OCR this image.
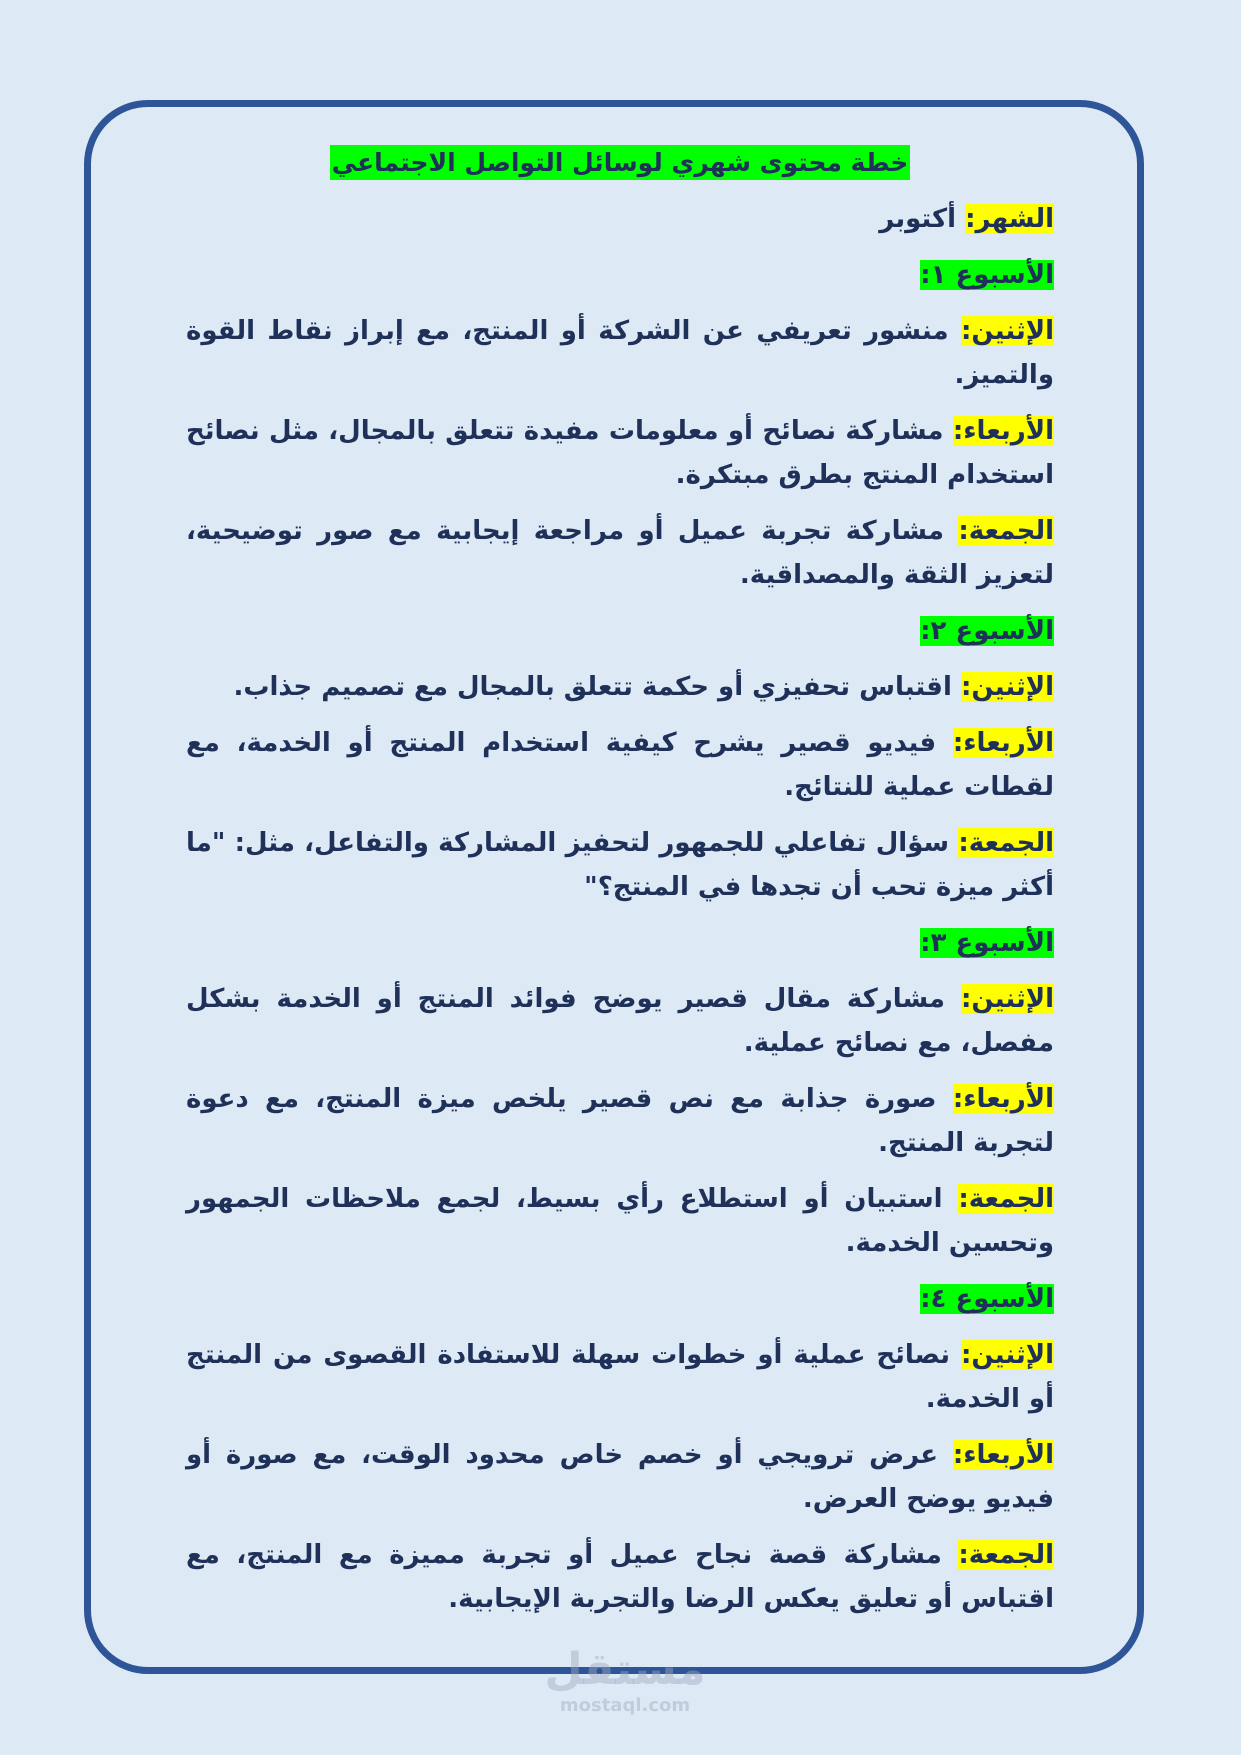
خطة محتوى شهري لوسائل التواصل الاجتماعي
الشهر: أكتوبر
الأسبوع ١:

الإثنين: منشور تعريفي عن الشركة أو المنتج، مع إبراز نقاط القوة والتميز.

الأربعاء: مشاركة نصائح أو معلومات مفيدة تتعلق بالمجال، مثل نصائح استخدام المنتج بطرق مبتكرة.

الجمعة: مشاركة تجربة عميل أو مراجعة إيجابية مع صور توضيحية، لتعزيز الثقة والمصداقية.

الأسبوع ٢:

الإثنين: اقتباس تحفيزي أو حكمة تتعلق بالمجال مع تصميم جذاب.

الأربعاء: فيديو قصير يشرح كيفية استخدام المنتج أو الخدمة، مع لقطات عملية للنتائج.

الجمعة: سؤال تفاعلي للجمهور لتحفيز المشاركة والتفاعل، مثل: "ما أكثر ميزة تحب أن تجدها في المنتج؟"

الأسبوع ٣:

الإثنين: مشاركة مقال قصير يوضح فوائد المنتج أو الخدمة بشكل مفصل، مع نصائح عملية.

الأربعاء: صورة جذابة مع نص قصير يلخص ميزة المنتج، مع دعوة لتجربة المنتج.

الجمعة: استبيان أو استطلاع رأي بسيط، لجمع ملاحظات الجمهور وتحسين الخدمة.

الأسبوع ٤:

الإثنين: نصائح عملية أو خطوات سهلة للاستفادة القصوى من المنتج أو الخدمة.

الأربعاء: عرض ترويجي أو خصم خاص محدود الوقت، مع صورة أو فيديو يوضح العرض.

الجمعة: مشاركة قصة نجاح عميل أو تجربة مميزة مع المنتج، مع اقتباس أو تعليق يعكس الرضا والتجربة الإيجابية.

مستقل
mostaql.com
